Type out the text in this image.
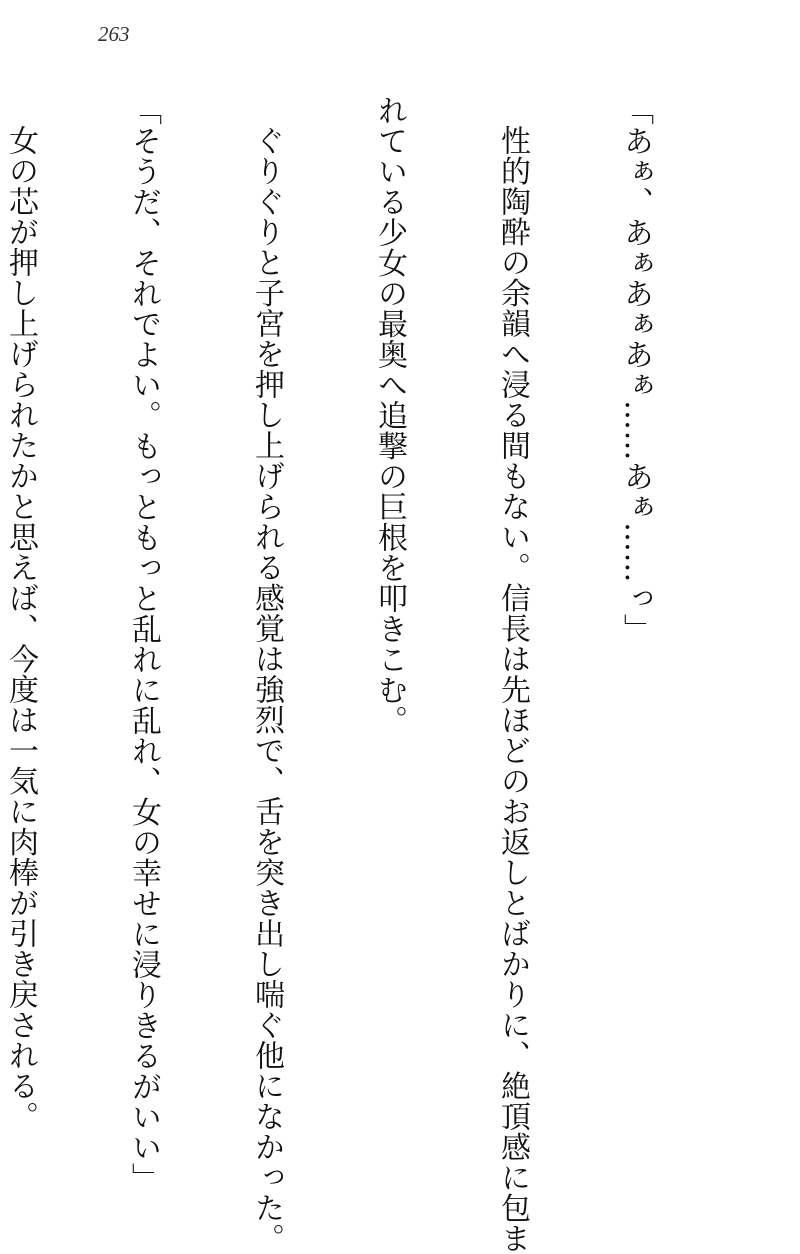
263

「あぁ、あぁあぁあぁ……あぁ……っ」

性的陶酔の余韻へ浸る間もない。信長は先ほどのお返しとばかりに、絶頂感に包ま

れている少女の最奥へ追撃の巨根を叩きこむ。

ぐりぐりと子宮を押し上げられる感覚は強烈で、舌を突き出し喘ぐ他になかった。

「そうだ、それでよい。もっともっと乱れに乱れ、女の幸せに浸りきるがいい」

女の芯が押し上げられたかと思えば、今度は一気に肉棒が引き戻される。
